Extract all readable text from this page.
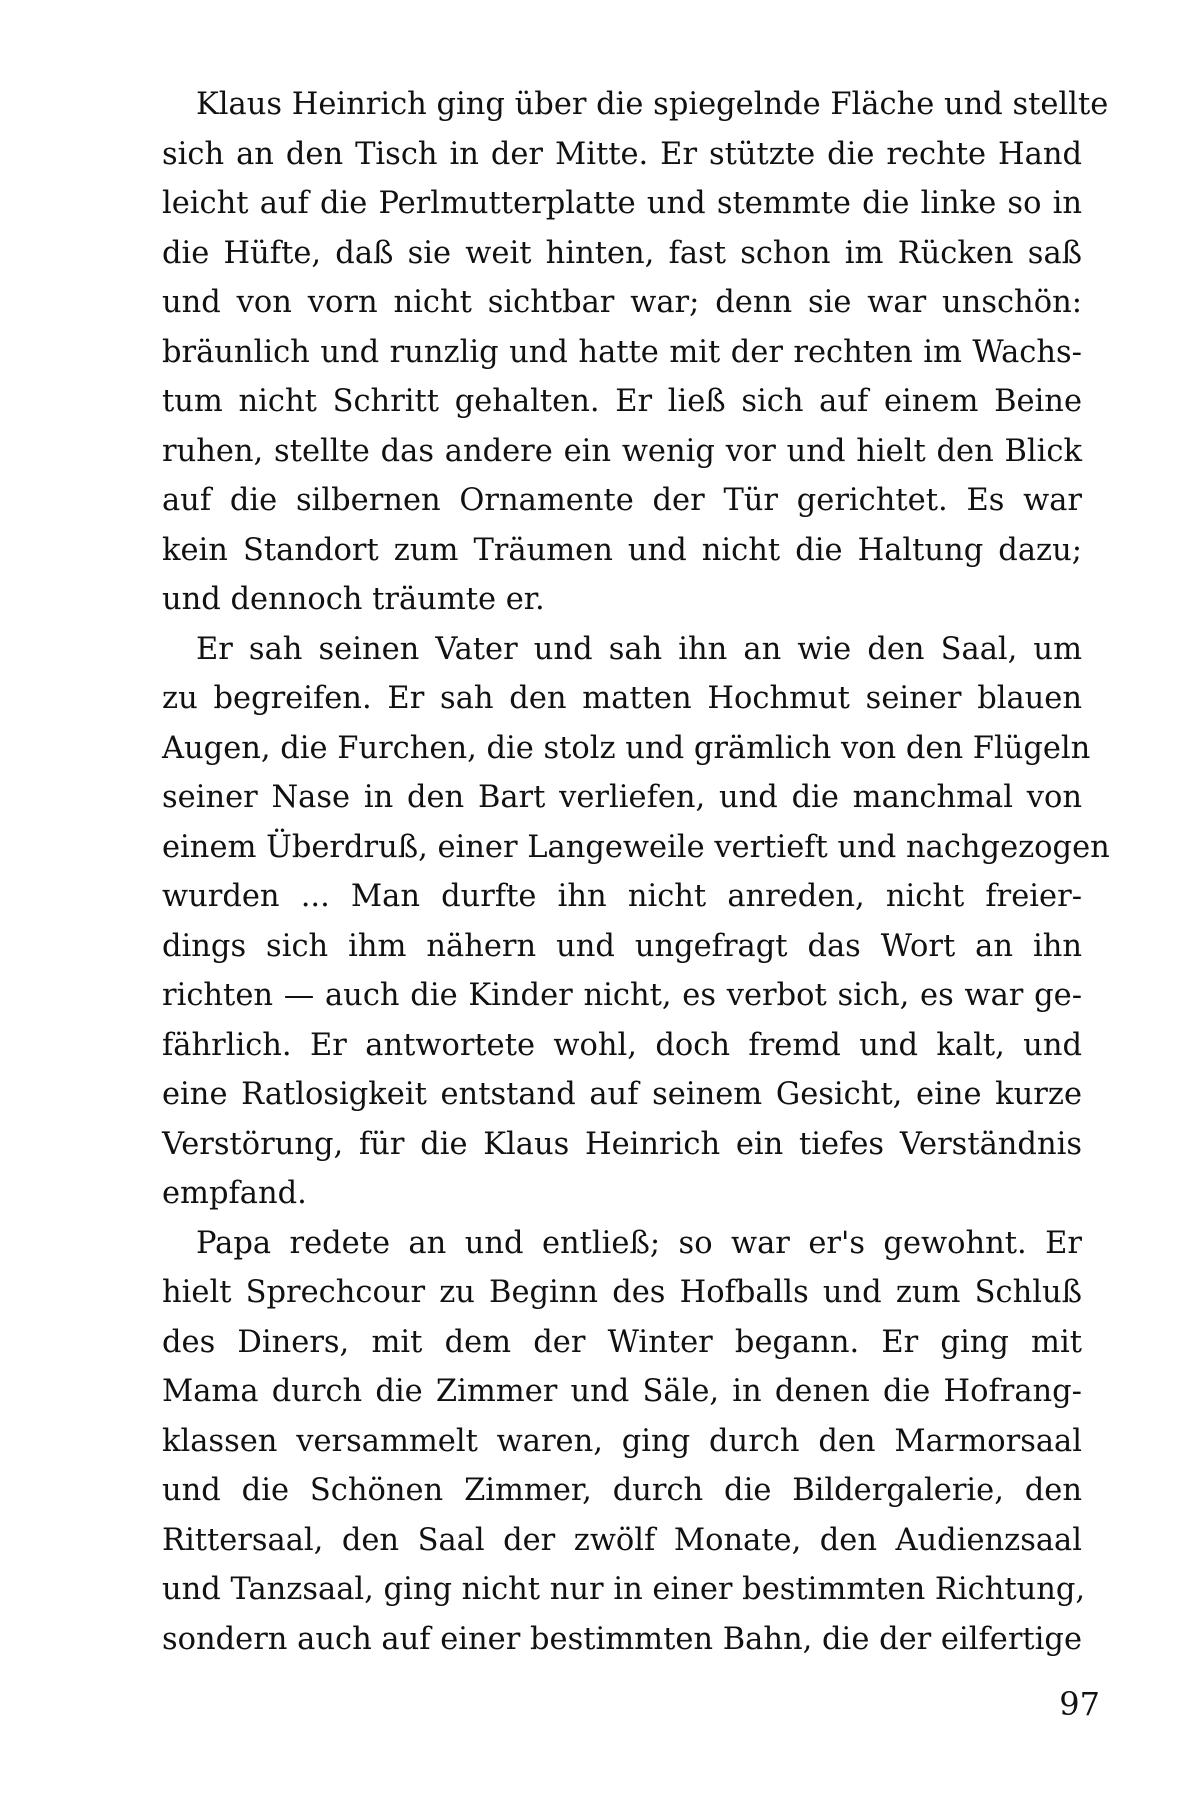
Klaus Heinrich ging über die spiegelnde Fläche und stellte
sich an den Tisch in der Mitte. Er stützte die rechte Hand
leicht auf die Perlmutterplatte und stemmte die linke so in
die Hüfte, daß sie weit hinten, fast schon im Rücken saß
und von vorn nicht sichtbar war; denn sie war unschön:
bräunlich und runzlig und hatte mit der rechten im Wachs-
tum nicht Schritt gehalten. Er ließ sich auf einem Beine
ruhen, stellte das andere ein wenig vor und hielt den Blick
auf die silbernen Ornamente der Tür gerichtet. Es war
kein Standort zum Träumen und nicht die Haltung dazu;
und dennoch träumte er.
Er sah seinen Vater und sah ihn an wie den Saal, um
zu begreifen. Er sah den matten Hochmut seiner blauen
Augen, die Furchen, die stolz und grämlich von den Flügeln
seiner Nase in den Bart verliefen, und die manchmal von
einem Überdruß, einer Langeweile vertieft und nachgezogen
wurden ... Man durfte ihn nicht anreden, nicht freier-
dings sich ihm nähern und ungefragt das Wort an ihn
richten — auch die Kinder nicht, es verbot sich, es war ge-
fährlich. Er antwortete wohl, doch fremd und kalt, und
eine Ratlosigkeit entstand auf seinem Gesicht, eine kurze
Verstörung, für die Klaus Heinrich ein tiefes Verständnis
empfand.
Papa redete an und entließ; so war er's gewohnt. Er
hielt Sprechcour zu Beginn des Hofballs und zum Schluß
des Diners, mit dem der Winter begann. Er ging mit
Mama durch die Zimmer und Säle, in denen die Hofrang-
klassen versammelt waren, ging durch den Marmorsaal
und die Schönen Zimmer, durch die Bildergalerie, den
Rittersaal, den Saal der zwölf Monate, den Audienzsaal
und Tanzsaal, ging nicht nur in einer bestimmten Richtung,
sondern auch auf einer bestimmten Bahn, die der eilfertige
97
